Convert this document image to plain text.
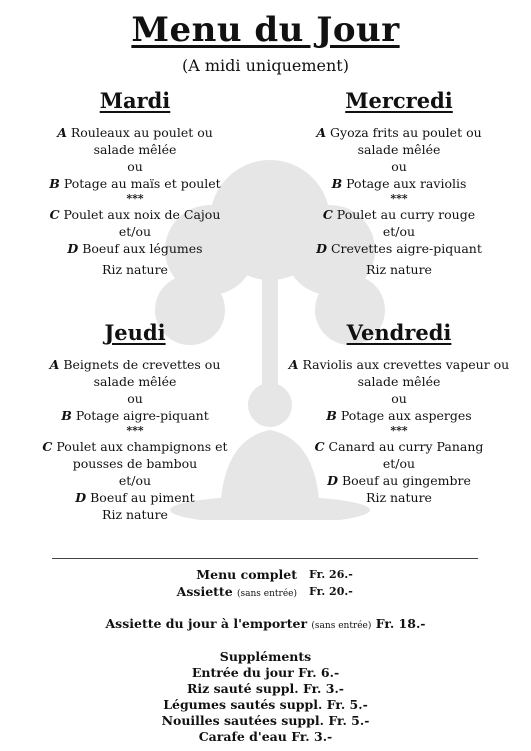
Menu du Jour
(A midi uniquement)
Mardi
A Rouleaux au poulet ou
salade mêlée
ou
B Potage au maïs et poulet
***
C Poulet aux noix de Cajou
et/ou
D Boeuf aux légumes
Riz nature
Mercredi
A Gyoza frits au poulet ou
salade mêlée
ou
B Potage aux raviolis
***
C Poulet au curry rouge
et/ou
D Crevettes aigre-piquant
Riz nature
Jeudi
A Beignets de crevettes ou
salade mêlée
ou
B Potage aigre-piquant
***
C Poulet aux champignons et
pousses de bambou
et/ou
D Boeuf au piment
Riz nature
Vendredi
A Raviolis aux crevettes vapeur ou
salade mêlée
ou
B Potage aux asperges
***
C Canard au curry Panang
et/ou
D Boeuf au gingembre
Riz nature
Menu complet Fr. 26.-
Assiette (sans entrée) Fr. 20.-
Assiette du jour à l'emporter (sans entrée) Fr. 18.-
Suppléments
Entrée du jour Fr. 6.-
Riz sauté suppl. Fr. 3.-
Légumes sautés suppl. Fr. 5.-
Nouilles sautées suppl. Fr. 5.-
Carafe d'eau Fr. 3.-
